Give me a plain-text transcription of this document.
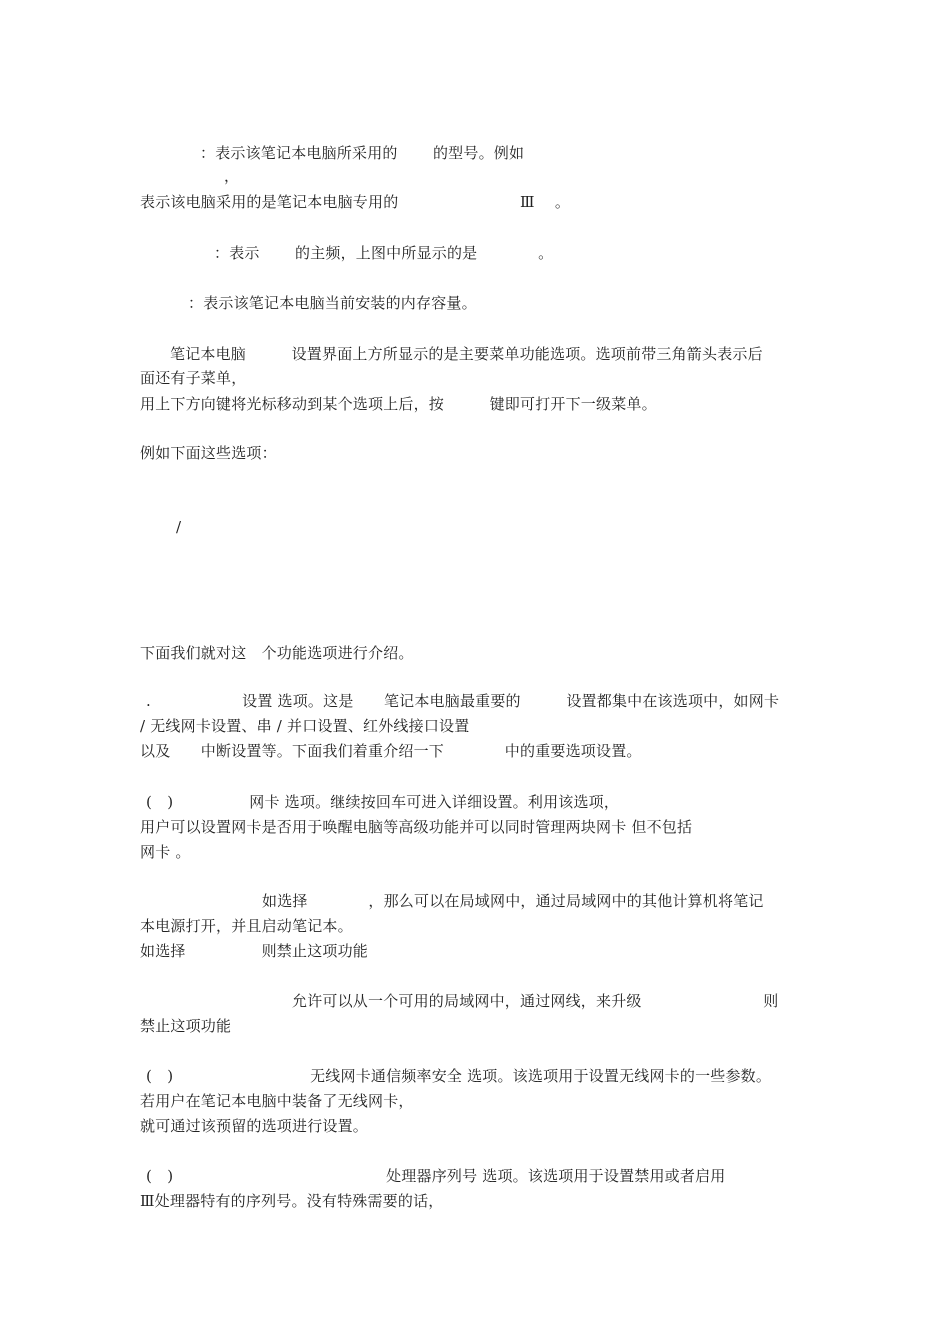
：表示该笔记本电脑所采用的　　 的型号。例如
，
表示该电脑采用的是笔记本电脑专用的　　　　　　　　Ⅲ　 。
：表示　　 的主频，上图中所显示的是　　　　。
：表示该笔记本电脑当前安装的内存容量。
笔记本电脑　　　设置界面上方所显示的是主要菜单功能选项。选项前带三角箭头表示后
面还有子菜单，
用上下方向键将光标移动到某个选项上后，按　　　键即可打开下一级菜单。
例如下面这些选项：
/
下面我们就对这　个功能选项进行介绍。
.　　　　　　设置 选项。这是　　笔记本电脑最重要的　　　设置都集中在该选项中，如网卡
/ 无线网卡设置、串 / 并口设置、红外线接口设置
以及　　中断设置等。下面我们着重介绍一下　　　　中的重要选项设置。
(　)　　　　　网卡 选项。继续按回车可进入详细设置。利用该选项，
用户可以设置网卡是否用于唤醒电脑等高级功能并可以同时管理两块网卡 但不包括
网卡 。
如选择　　　　，那么可以在局域网中，通过局域网中的其他计算机将笔记
本电源打开，并且启动笔记本。
如选择　　　　　则禁止这项功能
允许可以从一个可用的局域网中，通过网线，来升级　　　　　　　　则
禁止这项功能
(　)　　　　　　　　　无线网卡通信频率安全 选项。该选项用于设置无线网卡的一些参数。
若用户在笔记本电脑中装备了无线网卡，
就可通过该预留的选项进行设置。
(　)　　　　　　　　　　　　　　处理器序列号 选项。该选项用于设置禁用或者启用
Ⅲ处理器特有的序列号。没有特殊需要的话，
